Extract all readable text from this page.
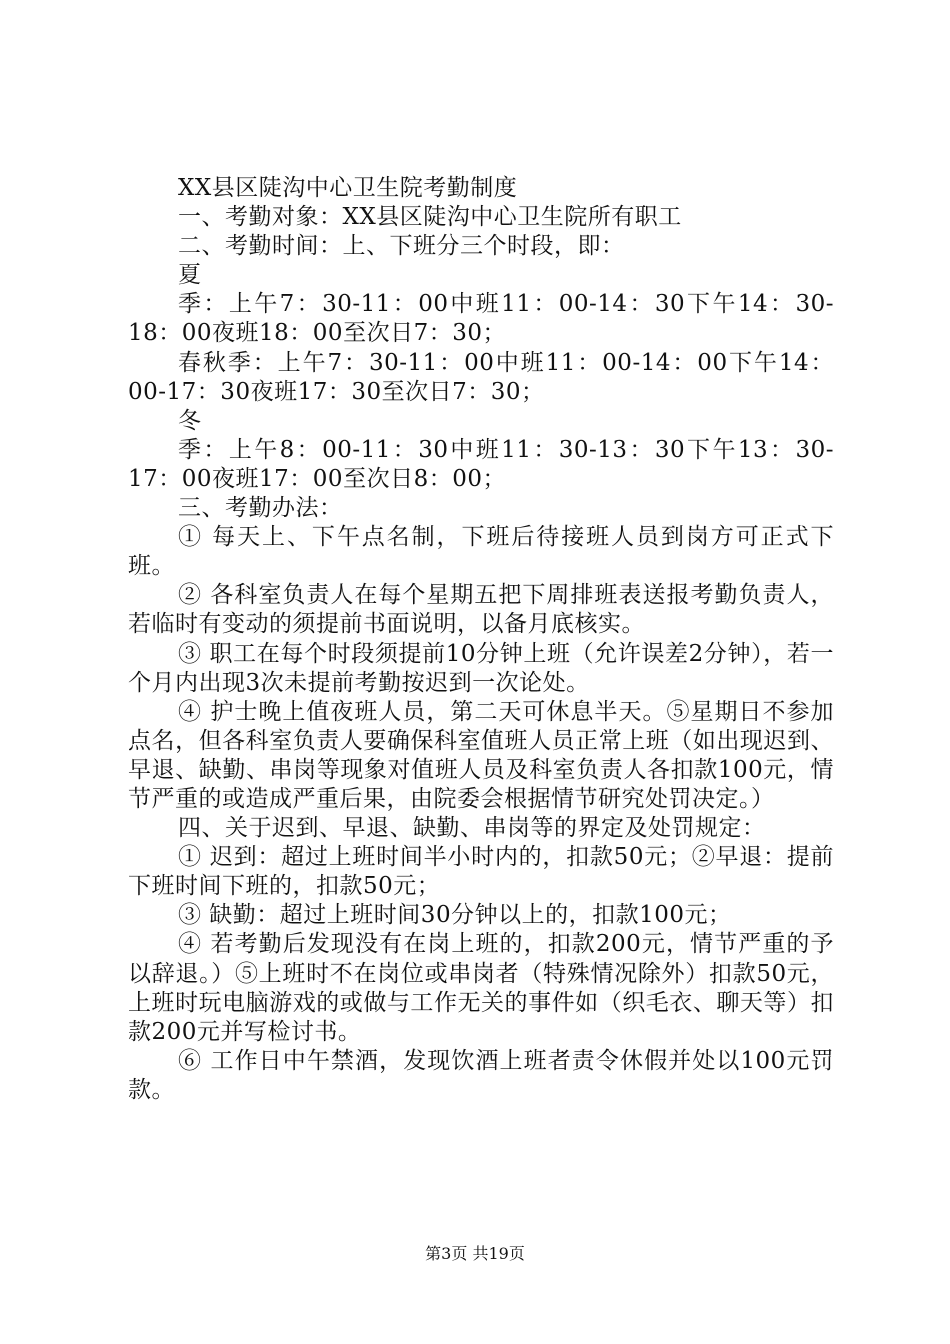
XX县区陡沟中心卫生院考勤制度

一、考勤对象：XX县区陡沟中心卫生院所有职工

二、考勤时间：上、下班分三个时段，即：

夏

季：上午7：30-11：00中班11：00-14：30下午14：30-18：00夜班18：00至次日7：30；

春秋季：上午7：30-11：00中班11：00-14：00下午14：00-17：30夜班17：30至次日7：30；

冬

季：上午8：00-11：30中班11：30-13：30下午13：30-17：00夜班17：00至次日8：00；

三、考勤办法：

① 每天上、下午点名制，下班后待接班人员到岗方可正式下班。

② 各科室负责人在每个星期五把下周排班表送报考勤负责人，若临时有变动的须提前书面说明，以备月底核实。

③ 职工在每个时段须提前10分钟上班（允许误差2分钟），若一个月内出现3次未提前考勤按迟到一次论处。

④ 护士晚上值夜班人员，第二天可休息半天。⑤星期日不参加点名，但各科室负责人要确保科室值班人员正常上班（如出现迟到、早退、缺勤、串岗等现象对值班人员及科室负责人各扣款100元，情节严重的或造成严重后果，由院委会根据情节研究处罚决定。）

四、关于迟到、早退、缺勤、串岗等的界定及处罚规定：

① 迟到：超过上班时间半小时内的，扣款50元；②早退：提前下班时间下班的，扣款50元；

③ 缺勤：超过上班时间30分钟以上的，扣款100元；

④ 若考勤后发现没有在岗上班的，扣款200元，情节严重的予以辞退。）⑤上班时不在岗位或串岗者（特殊情况除外）扣款50元，上班时玩电脑游戏的或做与工作无关的事件如（织毛衣、聊天等）扣款200元并写检讨书。

⑥ 工作日中午禁酒，发现饮酒上班者责令休假并处以100元罚款。

第3页 共19页
